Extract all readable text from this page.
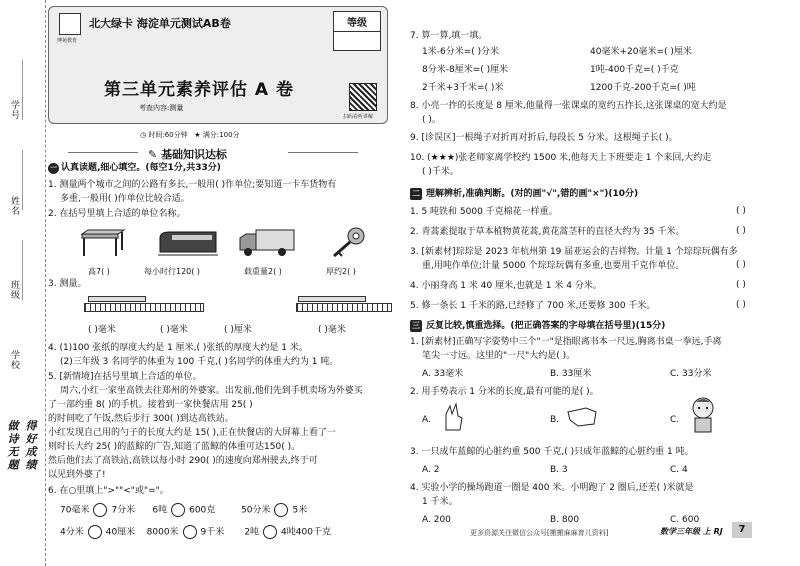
学号
姓名
班级
学校
做诗无题 得好成绩
博苑教育
北大绿卡 海淀单元测试AB卷	等级
第三单元素养评估 A 卷
考查内容:测量
扫码看听讲解
◷ 时间:60分钟 ★ 满分:100分
✎ 基础知识达标
一 认真读题,细心填空。(每空1分,共33分)
1. 测量两个城市之间的公路有多长,一般用( )作单位;要知道一卡车货物有
多重,一般用( )作单位比较合适。
2. 在括号里填上合适的单位名称。
高7( )	每小时行120( )	载重量2( )	厚约2( )
3. 测量。
( )毫米	( )毫米	( )厘米	( )毫米
4. (1)100 张纸的厚度大约是 1 厘米,( )张纸的厚度大约是 1 米。
(2)三年级 3 名同学的体重为 100 千克,( )名同学的体重大约为 1 吨。
5. [新情境]在括号里填上合适的单位。
周六,小红一家坐高铁去往郑州的外婆家。出发前,他们先到手机卖场为外婆买
了一部约重 8( )的手机。接着到一家快餐店用 25( )
的时间吃了午饭,然后步行 300( )到达高铁站。
小红发现自己用的勺子的长度大约是 15( ),正在快餐店的大屏幕上看了一
则时长大约 25( )的蓝鲸的广告,知道了蓝鲸的体重可达150( )。
然后他们去了高铁站,高铁以每小时 290( )的速度向郑州驶去,终于可
以见到外婆了!
6. 在○里填上">""<"或"="。
70毫米 7分米 6吨 600克	50分米 5米
4分米 40厘米 8000米 9千米 2吨 4吨400千克
7. 算一算,填一填。
1米-6分米=( )分米	40毫米+20毫米=( )厘米
8分米-8厘米=( )厘米	1吨-400千克=( )千克
2千米+3千米=( )米	1200千克-200千克=( )吨
8. 小亮一拃的长度是 8 厘米,他量得一张课桌的宽约五拃长,这张课桌的宽大约是
( )。
9. [诊误区]一根绳子对折再对折后,每段长 5 分米。这根绳子长( )。
10. (★★★)张老师家离学校约 1500 米,他每天上下班要走 1 个来回,大约走
( )千米。
二 理解辨析,准确判断。(对的画"√",错的画"×")(10分)
1. 5 吨铁和 5000 千克棉花一样重。	( )
2. 青蒿素提取于草本植物黄花蒿,黄花蒿茎秆的直径大约为 35 千米。	( )
3. [新素材]琮琮是 2023 年杭州第 19 届亚运会的吉祥物。计量 1 个琮琮玩偶有多
重,用吨作单位;计量 5000 个琮琮玩偶有多重,也要用千克作单位。	( )
4. 小丽身高 1 米 40 厘米,也就是 1 米 4 分米。	( )
5. 修一条长 1 千米的路,已经修了 700 米,还要修 300 千米。	( )
三 反复比较,慎重选择。(把正确答案的字母填在括号里)(15分)
1. [新素材]正确写字姿势中三个"一"是指眼离书本一尺远,胸离书桌一拳远,手离
笔尖一寸远。这里的"一尺"大约是( )。
A. 33毫米	B. 33厘米	C. 33分米
2. 用手势表示 1 分米的长度,最有可能的是( )。
A.	B.	C.
3. 一只成年蓝鲸的心脏约重 500 千克,( )只成年蓝鲸的心脏约重 1 吨。
A. 2	B. 3	C. 4
4. 实验小学的操场跑道一圈是 400 米。小明跑了 2 圈后,还差( )米就是
1 千米。
A. 200	B. 800	C. 600
更多资源关注微信公众号[搬搬麻麻育儿资料]	数学三年级 上 RJ	7
